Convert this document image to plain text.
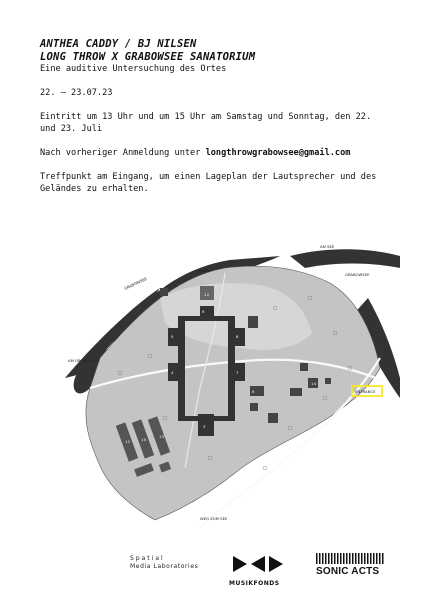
ANTHEA CADDY / BJ NILSEN
LONG THROW X GRABOWSEE SANATORIUM
Eine auditive Untersuchung des Ortes
22. – 23.07.23
Eintritt um 13 Uhr und um 15 Uhr am Samstag und Sonntag, den 22. und 23. Juli
Nach vorheriger Anmeldung unter longthrowgrabowsee@gmail.com
Treffpunkt am Eingang, um einen Lageplan der Lautsprecher und des Geländes zu erhalten.
12
9
3
5
4
8
7
11
6
14
13
10
GRABOWSEE
GRABOWSEE
AM SEE
AM GRABOWSEE
WEG ZUM SEE
KIESEL
ENTRANCE
Spatial
Media Laboratories
MUSIKFONDS
SONIC ACTS
